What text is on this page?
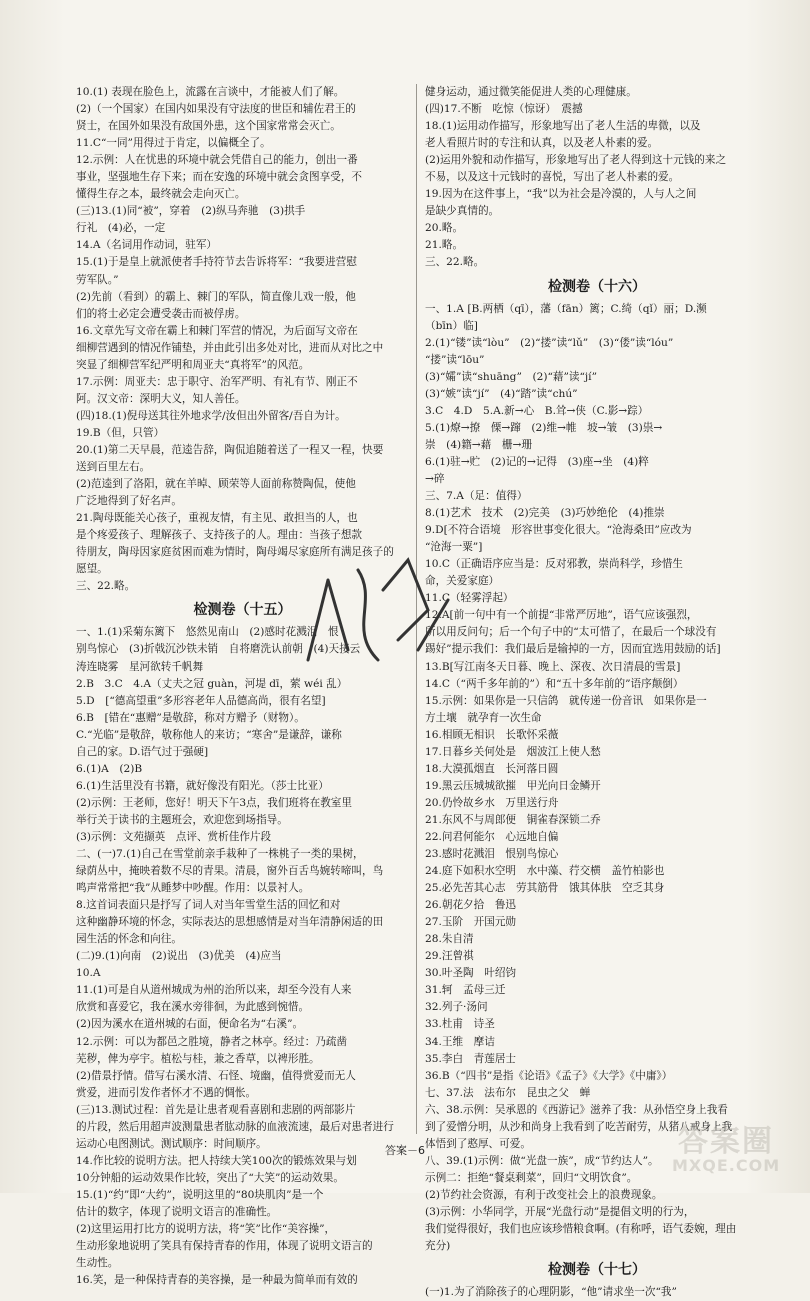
10.(1) 表现在脸色上，流露在言谈中，才能被人们了解。
(2)（一个国家）在国内如果没有守法度的世臣和辅佐君王的
贤士，在国外如果没有敌国外患，这个国家常常会灭亡。
11.C“一同”用得过于肯定，以偏概全了。
12.示例：人在忧患的环境中就会凭借自己的能力，创出一番
事业，坚强地生存下来；而在安逸的环境中就会贪图享受，不
懂得生存之本，最终就会走向灭亡。
(三)13.(1)同“被”，穿着　(2)纵马奔驰　(3)拱手
行礼　(4)必，一定
14.A（名词用作动词，驻军）
15.(1)于是皇上就派使者手持符节去告诉将军：“我要进营慰
劳军队。”
(2)先前（看到）的霸上、棘门的军队，简直像儿戏一般，他
们的将士必定会遭受袭击而被俘虏。
16.文章先写文帝在霸上和棘门军营的情况，为后面写文帝在
细柳营遇到的情况作铺垫，并由此引出多处对比，进而从对比之中
突显了细柳营军纪严明和周亚夫“真将军”的风范。
17.示例：周亚夫：忠于职守、治军严明、有礼有节、刚正不
阿。汉文帝：深明大义，知人善任。
(四)18.(1)倪母送其往外地求学/汝但出外留客/吾自为计。
19.B（但，只管）
20.(1)第二天早晨，范逵告辞，陶侃追随着送了一程又一程，快要
送到百里左右。
(2)范逵到了洛阳，就在羊晫、顾荣等人面前称赞陶侃，使他
广泛地得到了好名声。
21.陶母既能关心孩子，重视友情，有主见、敢担当的人，也
是个疼爱孩子、理解孩子、支持孩子的人。理由：当孩子想款
待朋友，陶母因家庭贫困而难为情时，陶母竭尽家庭所有满足孩子的
愿望。
三、22.略。
检测卷（十五）
一、1.(1)采菊东篱下　悠然见南山　(2)感时花溅泪　恨
别鸟惊心　(3)折戟沉沙铁未销　自将磨洗认前朝　(4)天接云
涛连晓雾　星河欲转千帆舞
2.B　3.C　4.A（丈夫之冠 guàn，河堤 dī，萦 wéi 乱）
5.D　[“德高望重”多形容老年人品德高尚，很有名望]
6.B　[错在“惠赠”是敬辞，称对方赠予（财物）。
C.“光临”是敬辞，敬称他人的来访；“寒舍”是谦辞，谦称
自己的家。D.语气过于强硬]
6.(1)A　(2)B
6.(1)生活里没有书籍，就好像没有阳光。（莎士比亚）
(2)示例：王老师，您好！明天下午3点，我们班将在教室里
举行关于读书的主题班会，欢迎您到场指导。
(3)示例：文苑撷英　点评、赏析佳作片段
二、(一)7.(1)自己在雪堂前亲手栽种了一株桃子一类的果树，
绿荫丛中，掩映着数不尽的青果。清晨，窗外百舌鸟婉转啼叫，鸟
鸣声常常把“我”从睡梦中吵醒。作用：以景衬人。
8.这首词表面只是抒写了词人对当年雪堂生活的回忆和对
这种幽静环境的怀念，实际表达的思想感情是对当年清静闲适的田
园生活的怀念和向往。
(二)9.(1)向南　(2)说出　(3)优美　(4)应当
10.A
11.(1)可是自从道州城成为州的治所以来，却至今没有人来
欣赏和喜爱它，我在溪水旁徘徊，为此感到惋惜。
(2)因为溪水在道州城的右面，便命名为“右溪”。
12.示例：可以为都邑之胜境，静者之林亭。经过：乃疏凿
芜秽，俾为亭宇。植松与桂，兼之香草，以裨形胜。
(2)借景抒情。借写右溪水清、石怪、境幽，值得赏爱而无人
赏爱，进而引发作者怀才不遇的惆怅。
(三)13.测试过程：首先是让患者观看喜剧和悲剧的两部影片
的片段，然后用超声波测量患者肱动脉的血液流速，最后对患者进行
运动心电图测试。测试顺序：时间顺序。
14.作比较的说明方法。把人持续大笑100次的锻炼效果与划
10分钟船的运动效果作比较，突出了“大笑”的运动效果。
15.(1)“约”即“大约”，说明这里的“80块肌肉”是一个
估计的数字，体现了说明文语言的准确性。
(2)这里运用打比方的说明方法，将“笑”比作“美容操”，
生动形象地说明了笑具有保持青春的作用，体现了说明文语言的
生动性。
16.笑，是一种保持青春的美容操，是一种最为简单而有效的
健身运动，通过微笑能促进人类的心理健康。
(四)17.不断　吃惊（惊讶）　震撼
18.(1)运用动作描写，形象地写出了老人生活的卑微，以及
老人看照片时的专注和认真，以及老人朴素的爱。
(2)运用外貌和动作描写，形象地写出了老人得到这十元钱的来之
不易，以及这十元钱时的喜悦，写出了老人朴素的爱。
19.因为在这件事上，“我”以为社会是冷漠的，人与人之间
是缺少真情的。
20.略。
21.略。
三、22.略。
检测卷（十六）
一、1.A [B.两栖（qī），藩（fān）篱；C.绮（qǐ）丽；D.濒
（bīn）临]
2.(1)“镂”读“lòu”　(2)“搂”读“lǔ”　(3)“偻”读“lóu”
“搂”读“lōu”
(3)“孀”读“shuāng”　(2)“藉”读“jí”
(3)“嫉”读“jí”　(4)“踏”读“chú”
3.C　4.D　5.A.新→心　B.耸→侠（C.影→踪）
5.(1)燎→撩　傈→蹿　(2)维→帷　坡→皱　(3)祟→
崇　(4)籍→藉　栅→珊
6.(1)驻→贮　(2)记的→记得　(3)座→坐　(4)粹
→碎
三、7.A（足：值得）
8.(1)艺术　技术　(2)完美　(3)巧妙绝伦　(4)推崇
9.D[不符合语境　形容世事变化很大。“沧海桑田”应改为
“沧海一粟”]
10.C（正确语序应当是：反对邪教，崇尚科学，珍惜生
命，关爱家庭）
11.C（轻雾浮起）
12.A[前一句中有一个前提“非常严厉地”，语气应该强烈，
所以用反问句；后一个句子中的“太可惜了，在最后一个球没有
踢好”提示我们：我们最后是输掉的一方，因而宜选用鼓励的话]
13.B[写江南冬天日暮、晚上、深夜、次日清晨的雪景]
14.C（“两千多年前的”）和“五十多年前的”语序颠倒）
15.示例：如果你是一只信鸽　就传递一份音讯　如果你是一
方土壤　就孕育一次生命
16.相顾无相识　长歌怀采薇
17.日暮乡关何处是　烟波江上使人愁
18.大漠孤烟直　长河落日圆
19.黑云压城城欲摧　甲光向日金鳞开
20.仍怜故乡水　万里送行舟
21.东风不与周郎便　铜雀春深锁二乔
22.问君何能尔　心远地自偏
23.感时花溅泪　恨别鸟惊心
24.庭下如积水空明　水中藻、荇交横　盖竹柏影也
25.必先苦其心志　劳其筋骨　饿其体肤　空乏其身
26.朝花夕拾　鲁迅
27.玉阶　开国元勋
28.朱自清
29.汪曾祺
30.叶圣陶　叶绍钧
31.轲　孟母三迁
32.列子·汤问
33.杜甫　诗圣
34.王维　摩诘
35.李白　青莲居士
36.B（“四书”是指《论语》《孟子》《大学》《中庸》）
七、37.法　法布尔　昆虫之父　蝉
六、38.示例：吴承恩的《西游记》滋养了我：从孙悟空身上我看
到了爱憎分明，从沙和尚身上我看到了吃苦耐劳，从猪八戒身上我
体悟到了憨厚、可爱。
八、39.(1)示例：做“光盘一族”，成“节约达人”。
示例二：拒绝“餐桌剩菜”，回归“文明饮食”。
(2)节约社会资源，有利于改变社会上的浪费现象。
(3)示例：小华同学，开展“光盘行动”是提倡文明的行为，
我们觉得很好，我们也应该珍惜粮食啊。(有称呼，语气委婉，理由
充分)
检测卷（十七）
(一)1.为了消除孩子的心理阴影，“他”请求坐一次“我”
答案－6	答案圈
MXQE.COM
